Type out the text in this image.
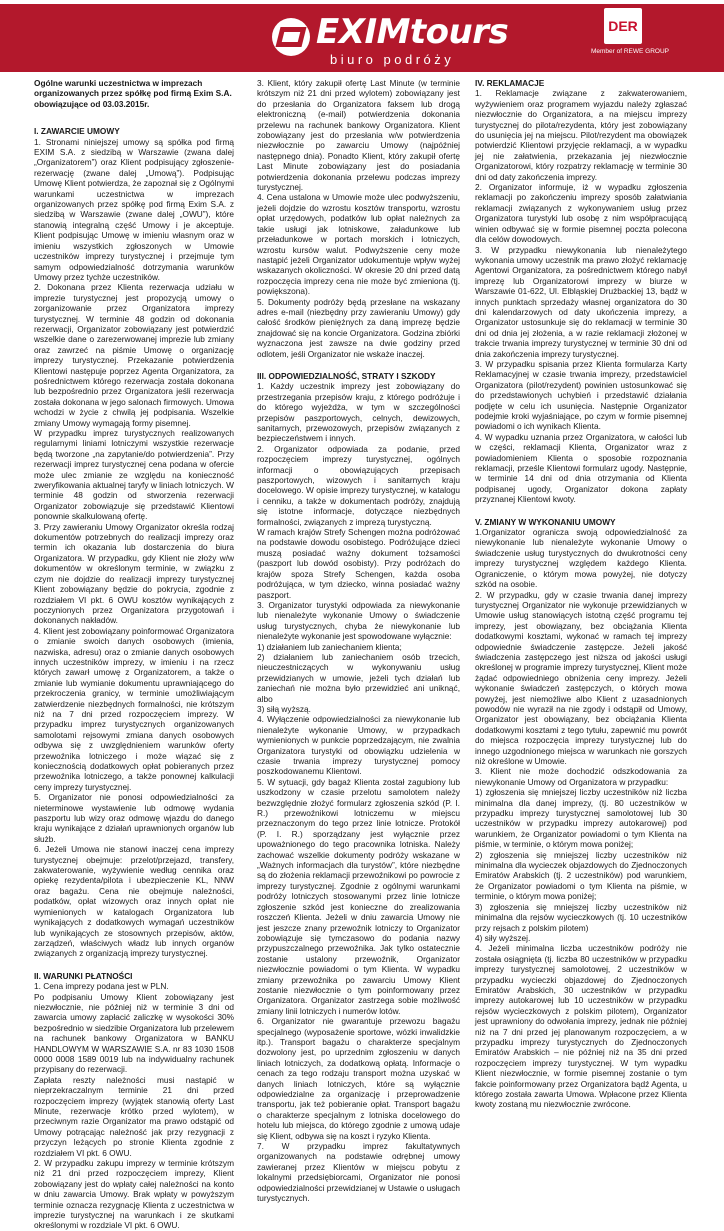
EXIMtours
biuro podróży
DER
Member of REWE GROUP

Ogólne warunki uczestnictwa w imprezach organizowanych przez spółkę pod firmą Exim S.A. obowiązujące od 03.03.2015r.

I. ZAWARCIE UMOWY

1. Stronami niniejszej umowy są spółka pod firmą EXIM S.A. z siedzibą w Warszawie (zwana dalej „Organizatorem”) oraz Klient podpisujący zgłoszenie-rezerwację (zwane dalej „Umową”). Podpisując Umowę Klient potwierdza, że zapoznał się z Ogólnymi warunkami uczestnictwa w imprezach organizowanych przez spółkę pod firmą Exim S.A. z siedzibą w Warszawie (zwane dalej „OWU”), które stanowią integralną część Umowy i je akceptuje. Klient podpisując Umowę w imieniu własnym oraz w imieniu wszystkich zgłoszonych w Umowie uczestników imprezy turystycznej i przejmuje tym samym odpowiedzialność dotrzymania warunków Umowy przez tychże uczestników.

2. Dokonana przez Klienta rezerwacja udziału w imprezie turystycznej jest propozycją umowy o zorganizowanie przez Organizatora imprezy turystycznej. W terminie 48 godzin od dokonania rezerwacji, Organizator zobowiązany jest potwierdzić wszelkie dane o zarezerwowanej imprezie lub zmiany oraz zawrzeć na piśmie Umowę o organizację imprezy turystycznej. Przekazanie potwierdzenia Klientowi następuje poprzez Agenta Organizatora, za pośrednictwem którego rezerwacja została dokonana lub bezpośrednio przez Organizatora jeśli rezerwacja została dokonana w jego salonach firmowych. Umowa wchodzi w życie z chwilą jej podpisania. Wszelkie zmiany Umowy wymagają formy pisemnej.

W przypadku imprez turystycznych realizowanych regularnymi liniami lotniczymi wszystkie rezerwacje będą tworzone „na zapytanie/do potwierdzenia”. Przy rezerwacji imprez turystycznej cena podana w ofercie może ulec zmianie ze względu na konieczność zweryfikowania aktualnej taryfy w liniach lotniczych. W terminie 48 godzin od stworzenia rezerwacji Organizator zobowiązuje się przedstawić Klientowi ponownie skalkulowaną ofertę.

3. Przy zawieraniu Umowy Organizator określa rodzaj dokumentów potrzebnych do realizacji imprezy oraz termin ich okazania lub dostarczenia do biura Organizatora. W przypadku, gdy Klient nie złoży w/w dokumentów w określonym terminie, w związku z czym nie dojdzie do realizacji imprezy turystycznej Klient zobowiązany będzie do pokrycia, zgodnie z rozdziałem VI pkt. 6 OWU kosztów wynikających z poczynionych przez Organizatora przygotowań i dokonanych nakładów.

4. Klient jest zobowiązany poinformować Organizatora o zmianie swoich danych osobowych (imienia, nazwiska, adresu) oraz o zmianie danych osobowych innych uczestników imprezy, w imieniu i na rzecz których zawarł umowę z Organizatorem, a także o zmianie lub wymianie dokumentu uprawniającego do przekroczenia granicy, w terminie umożliwiającym zatwierdzenie niezbędnych formalności, nie krótszym niż na 7 dni przed rozpoczęciem imprezy. W przypadku imprez turystycznych organizowanych samolotami rejsowymi zmiana danych osobowych odbywa się z uwzględnieniem warunków oferty przewoźnika lotniczego i może wiązać się z koniecznością dodatkowych opłat pobieranych przez przewoźnika lotniczego, a także ponownej kalkulacji ceny imprezy turystycznej.

5. Organizator nie ponosi odpowiedzialności za nieterminowe wystawienie lub odmowę wydania paszportu lub wizy oraz odmowę wjazdu do danego kraju wynikające z działań uprawnionych organów lub służb.

6. Jeżeli Umowa nie stanowi inaczej cena imprezy turystycznej obejmuje: przelot/przejazd, transfery, zakwaterowanie, wyżywienie według cennika oraz opiekę rezydenta/pilota i ubezpieczenie KL, NNW oraz bagażu. Cena nie obejmuje należności, podatków, opłat wizowych oraz innych opłat nie wymienionych w katalogach Organizatora lub wynikających z dodatkowych wymagań uczestników lub wynikających ze stosownych przepisów, aktów, zarządzeń, właściwych władz lub innych organów związanych z organizacją imprezy turystycznej.

II. WARUNKI PŁATNOŚCI

1. Cena imprezy podana jest w PLN.

Po podpisaniu Umowy Klient zobowiązany jest niezwłocznie, nie później niż w terminie 3 dni od zawarcia umowy zapłacić zaliczkę w wysokości 30% bezpośrednio w siedzibie Organizatora lub przelewem na rachunek bankowy Organizatora w BANKU HANDLOWYM W WARSZAWIE S.A. nr 83 1030 1508 0000 0008 1589 0019 lub na indywidualny rachunek przypisany do rezerwacji.

Zapłata reszty należności musi nastąpić w nieprzekraczalnym terminie 21 dni przed rozpoczęciem imprezy (wyjątek stanowią oferty Last Minute, rezerwacje krótko przed wylotem), w przeciwnym razie Organizator ma prawo odstąpić od Umowy potrącając należność jak przy rezygnacji z przyczyn leżących po stronie Klienta zgodnie z rozdziałem VI pkt. 6 OWU.

2. W przypadku zakupu imprezy w terminie krótszym niż 21 dni przed rozpoczęciem imprezy, Klient zobowiązany jest do wpłaty całej należności na konto w dniu zawarcia Umowy. Brak wpłaty w powyższym terminie oznacza rezygnację Klienta z uczestnictwa w imprezie turystycznej na warunkach i ze skutkami określonymi w rozdziale VI pkt. 6 OWU.

3. Klient, który zakupił ofertę Last Minute (w terminie krótszym niż 21 dni przed wylotem) zobowiązany jest do przesłania do Organizatora faksem lub drogą elektroniczną (e-mail) potwierdzenia dokonania przelewu na rachunek bankowy Organizatora. Klient zobowiązany jest do przesłania w/w potwierdzenia niezwłocznie po zawarciu Umowy (najpóźniej następnego dnia). Ponadto Klient, który zakupił ofertę Last Minute zobowiązany jest do posiadania potwierdzenia dokonania przelewu podczas imprezy turystycznej.

4. Cena ustalona w Umowie może ulec podwyższeniu, jeżeli dojdzie do wzrostu kosztów transportu, wzrostu opłat urzędowych, podatków lub opłat należnych za takie usługi jak lotniskowe, załadunkowe lub przeładunkowe w portach morskich i lotniczych, wzrostu kursów walut. Podwyższenie ceny może nastąpić jeżeli Organizator udokumentuje wpływ wyżej wskazanych okoliczności. W okresie 20 dni przed datą rozpoczęcia imprezy cena nie może być zmieniona (tj. powiększona).

5. Dokumenty podróży będą przesłane na wskazany adres e-mail (niezbędny przy zawieraniu Umowy) gdy całość środków pieniężnych za daną imprezę będzie znajdować się na koncie Organizatora. Godzina zbiórki wyznaczona jest zawsze na dwie godziny przed odlotem, jeśli Organizator nie wskaże inaczej.

III. ODPOWIEDZIALNOŚĆ, STRATY I SZKODY

1. Każdy uczestnik imprezy jest zobowiązany do przestrzegania przepisów kraju, z którego podróżuje i do którego wyjeżdża, w tym w szczególności przepisów paszportowych, celnych, dewizowych, sanitarnych, przewozowych, przepisów związanych z bezpieczeństwem i innych.

2. Organizator odpowiada za podanie, przed rozpoczęciem imprezy turystycznej, ogólnych informacji o obowiązujących przepisach paszportowych, wizowych i sanitarnych kraju docelowego. W opisie imprezy turystycznej, w katalogu i cenniku, a także w dokumentach podróży, znajdują się istotne informacje, dotyczące niezbędnych formalności, związanych z imprezą turystyczną.

W ramach krajów Strefy Schengen można podróżować na podstawie dowodu osobistego. Podróżujące dzieci muszą posiadać ważny dokument tożsamości (paszport lub dowód osobisty). Przy podróżach do krajów spoza Strefy Schengen, każda osoba podróżująca, w tym dziecko, winna posiadać ważny paszport.

3. Organizator turystyki odpowiada za niewykonanie lub nienależyte wykonanie Umowy o świadczenie usług turystycznych, chyba że niewykonanie lub nienależyte wykonanie jest spowodowane wyłącznie:

1) działaniem lub zaniechaniem klienta;

2) działaniem lub zaniechaniem osób trzecich, nieuczestniczących w wykonywaniu usług przewidzianych w umowie, jeżeli tych działań lub zaniechań nie można było przewidzieć ani uniknąć, albo

3) siłą wyższą.

4. Wyłączenie odpowiedzialności za niewykonanie lub nienależyte wykonanie Umowy, w przypadkach wymienionych w punkcie poprzedzającym, nie zwalnia Organizatora turystyki od obowiązku udzielenia w czasie trwania imprezy turystycznej pomocy poszkodowanemu Klientowi.

5. W sytuacji, gdy bagaż Klienta został zagubiony lub uszkodzony w czasie przelotu samolotem należy bezwzględnie złożyć formularz zgłoszenia szkód (P. I. R.) przewoźnikowi lotniczemu w miejscu przeznaczonym do tego przez linie lotnicze. Protokół (P. I. R.) sporządzany jest wyłącznie przez upoważnionego do tego pracownika lotniska. Należy zachować wszelkie dokumenty podróży wskazane w „Ważnych informacjach dla turystów”, które niezbędne są do złożenia reklamacji przewoźnikowi po powrocie z imprezy turystycznej. Zgodnie z ogólnymi warunkami podróży lotniczych stosowanymi przez linie lotnicze zgłoszenie szkód jest konieczne do zrealizowania roszczeń Klienta. Jeżeli w dniu zawarcia Umowy nie jest jeszcze znany przewoźnik lotniczy to Organizator zobowiązuje się tymczasowo do podania nazwy przypuszczalnego przewoźnika. Jak tylko ostatecznie zostanie ustalony przewoźnik, Organizator niezwłocznie powiadomi o tym Klienta. W wypadku zmiany przewoźnika po zawarciu Umowy Klient zostanie niezwłocznie o tym poinformowany przez Organizatora. Organizator zastrzega sobie możliwość zmiany linii lotniczych i numerów lotów.

6. Organizator nie gwarantuje przewozu bagażu specjalnego (wyposażenie sportowe, wózki inwalidzkie itp.). Transport bagażu o charakterze specjalnym dozwolony jest, po uprzednim zgłoszeniu w danych liniach lotniczych, za dodatkową opłatą. Informacje o cenach za tego rodzaju transport można uzyskać w danych liniach lotniczych, które są wyłącznie odpowiedzialne za organizację i przeprowadzenie transportu, jak też pobieranie opłat. Transport bagażu o charakterze specjalnym z lotniska docelowego do hotelu lub miejsca, do którego zgodnie z umową udaje się Klient, odbywa się na koszt i ryzyko Klienta.

7. W przypadku imprez fakultatywnych organizowanych na podstawie odrębnej umowy zawieranej przez Klientów w miejscu pobytu z lokalnymi przedsiębiorcami, Organizator nie ponosi odpowiedzialności przewidzianej w Ustawie o usługach turystycznych.

IV. REKLAMACJE

1. Reklamacje związane z zakwaterowaniem, wyżywieniem oraz programem wyjazdu należy zgłaszać niezwłocznie do Organizatora, a na miejscu imprezy turystycznej do pilota/rezydenta, który jest zobowiązany do usunięcia jej na miejscu. Pilot/rezydent ma obowiązek potwierdzić Klientowi przyjęcie reklamacji, a w wypadku jej nie załatwienia, przekazania jej niezwłocznie Organizatorowi, który rozpatrzy reklamację w terminie 30 dni od daty zakończenia imprezy.

2. Organizator informuje, iż w wypadku zgłoszenia reklamacji po zakończeniu imprezy sposób załatwiania reklamacji związanych z wykonywaniem usług przez Organizatora turystyki lub osobę z nim współpracującą winien odbywać się w formie pisemnej poczta polecona dla celów dowodowych.

3. W przypadku niewykonania lub nienależytego wykonania umowy uczestnik ma prawo złożyć reklamację Agentowi Organizatora, za pośrednictwem którego nabył imprezę lub Organizatorowi imprezy w biurze w Warszawie 01-622, Ul. Elbląskiej Drużbackiej 13, bądź w innych punktach sprzedaży własnej organizatora do 30 dni kalendarzowych od daty ukończenia imprezy, a Organizator ustosunkuje się do reklamacji w terminie 30 dni od dnia jej złożenia, a w razie reklamacji złożonej w trakcie trwania imprezy turystycznej w terminie 30 dni od dnia zakończenia imprezy turystycznej.

3. W przypadku spisania przez Klienta formularza Karty Reklamacyjnej w czasie trwania imprezy, przedstawiciel Organizatora (pilot/rezydent) powinien ustosunkować się do przedstawionych uchybień i przedstawić działania podjęte w celu ich usunięcia. Następnie Organizator podejmie kroki wyjaśniające, po czym w formie pisemnej powiadomi o ich wynikach Klienta.

4. W wypadku uznania przez Organizatora, w całości lub w części, reklamacji Klienta, Organizator wraz z powiadomieniem Klienta o sposobie rozpoznania reklamacji, prześle Klientowi formularz ugody. Następnie, w terminie 14 dni od dnia otrzymania od Klienta podpisanej ugody, Organizator dokona zapłaty przyznanej Klientowi kwoty.

V. ZMIANY W WYKONANIU UMOWY

1.Organizator ogranicza swoją odpowiedzialność za niewykonanie lub nienależyte wykonanie Umowy o świadczenie usług turystycznych do dwukrotności ceny imprezy turystycznej względem każdego Klienta. Ograniczenie, o którym mowa powyżej, nie dotyczy szkód na osobie.

2. W przypadku, gdy w czasie trwania danej imprezy turystycznej Organizator nie wykonuje przewidzianych w Umowie usług stanowiących istotną część programu tej imprezy, jest obowiązany, bez obciążania Klienta dodatkowymi kosztami, wykonać w ramach tej imprezy odpowiednie świadczenie zastępcze. Jeżeli jakość świadczenia zastępczego jest niższa od jakości usługi określonej w programie imprezy turystycznej, Klient może żądać odpowiedniego obniżenia ceny imprezy. Jeżeli wykonanie świadczeń zastępczych, o których mowa powyżej, jest niemożliwe albo Klient z uzasadnionych powodów nie wyraził na nie zgody i odstąpił od Umowy, Organizator jest obowiązany, bez obciążania Klienta dodatkowymi kosztami z tego tytułu, zapewnić mu powrót do miejsca rozpoczęcia imprezy turystycznej lub do innego uzgodnionego miejsca w warunkach nie gorszych niż określone w Umowie.

3. Klient nie może dochodzić odszkodowania za niewykonanie Umowy od Organizatora w przypadku:

1) zgłoszenia się mniejszej liczby uczestników niż liczba minimalna dla danej imprezy, (tj. 80 uczestników w przypadku imprezy turystycznej samolotowej lub 30 uczestników w przypadku imprezy autokarowej) pod warunkiem, że Organizator powiadomi o tym Klienta na piśmie, w terminie, o którym mowa poniżej;

2) zgłoszenia się mniejszej liczby uczestników niż minimalna dla wycieczek objazdowych do Zjednoczonych Emiratów Arabskich (tj. 2 uczestników) pod warunkiem, że Organizator powiadomi o tym Klienta na piśmie, w terminie, o którym mowa poniżej;

3) zgłoszenia się mniejszej liczby uczestników niż minimalna dla rejsów wycieczkowych (tj. 10 uczestników przy rejsach z polskim pilotem)

4) siły wyższej.

4. Jeżeli minimalna liczba uczestników podróży nie została osiągnięta (tj. liczba 80 uczestników w przypadku imprezy turystycznej samolotowej, 2 uczestników w przypadku wycieczki objazdowej do Zjednoczonych Emiratów Arabskich, 30 uczestników w przypadku imprezy autokarowej lub 10 uczestników w przypadku rejsów wycieczkowych z polskim pilotem), Organizator jest uprawniony do odwołania imprezy, jednak nie później niż na 7 dni przed jej planowanym rozpoczęciem, a w przypadku imprezy turystycznych do Zjednoczonych Emiratów Arabskich – nie później niż na 35 dni przed rozpoczęciem imprezy turystycznej. W tym wypadku Klient niezwłocznie, w formie pisemnej zostanie o tym fakcie poinformowany przez Organizatora bądź Agenta, u którego została zawarta Umowa. Wpłacone przez Klienta kwoty zostaną mu niezwłocznie zwrócone.
